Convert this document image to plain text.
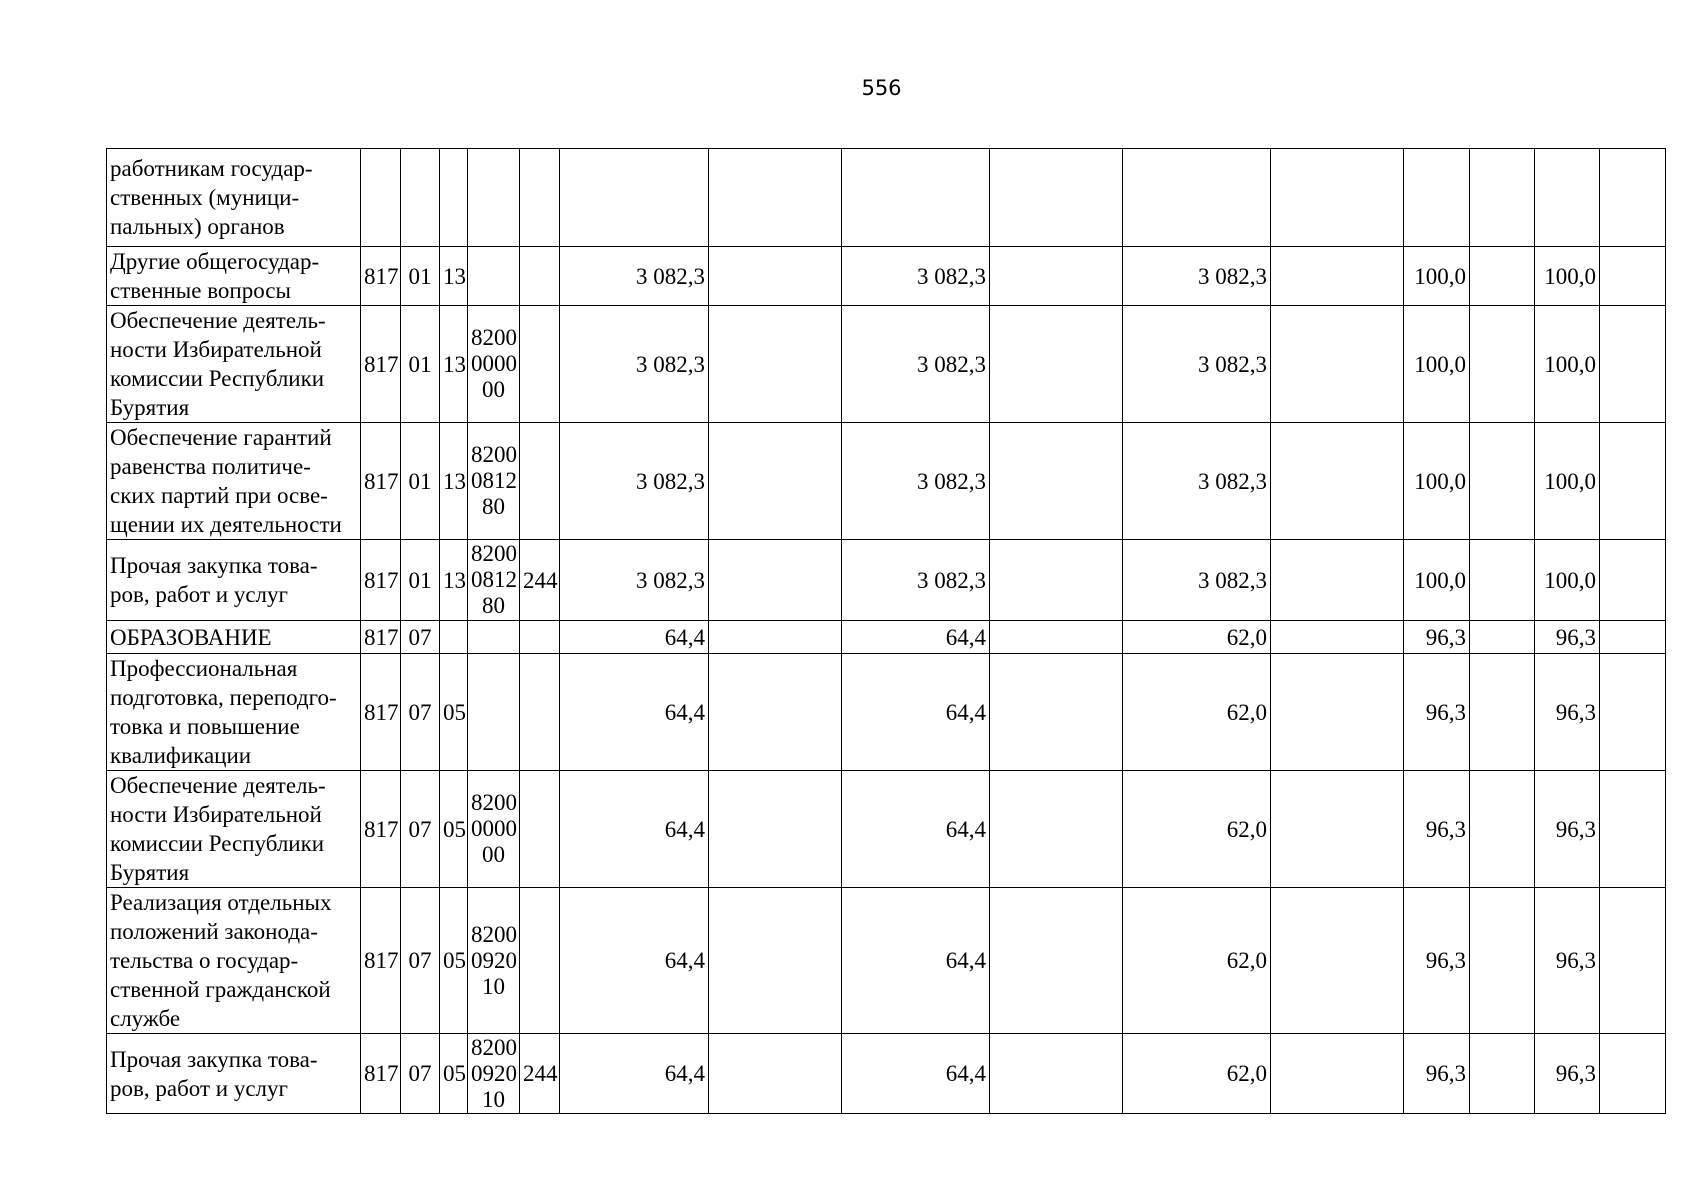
556
работникам государ-
ственных (муници-
пальных) органов															

Другие общегосудар-
ственные вопросы	817	01	13			3 082,3		3 082,3		3 082,3		100,0		100,0	

Обеспечение деятель-
ности Избирательной
комиссии Республики
Бурятия	817	01	13	8200
0000
00		3 082,3		3 082,3		3 082,3		100,0		100,0	

Обеспечение гарантий
равенства политиче-
ских партий при осве-
щении их деятельности	817	01	13	8200
0812
80		3 082,3		3 082,3		3 082,3		100,0		100,0	

Прочая закупка това-
ров, работ и услуг	817	01	13	8200
0812
80	244	3 082,3		3 082,3		3 082,3		100,0		100,0	

ОБРАЗОВАНИЕ	817	07				64,4		64,4		62,0		96,3		96,3	

Профессиональная
подготовка, переподго-
товка и повышение
квалификации	817	07	05			64,4		64,4		62,0		96,3		96,3	

Обеспечение деятель-
ности Избирательной
комиссии Республики
Бурятия	817	07	05	8200
0000
00		64,4		64,4		62,0		96,3		96,3	

Реализация отдельных
положений законода-
тельства о государ-
ственной гражданской
службе	817	07	05	8200
0920
10		64,4		64,4		62,0		96,3		96,3	

Прочая закупка това-
ров, работ и услуг	817	07	05	8200
0920
10	244	64,4		64,4		62,0		96,3		96,3	
